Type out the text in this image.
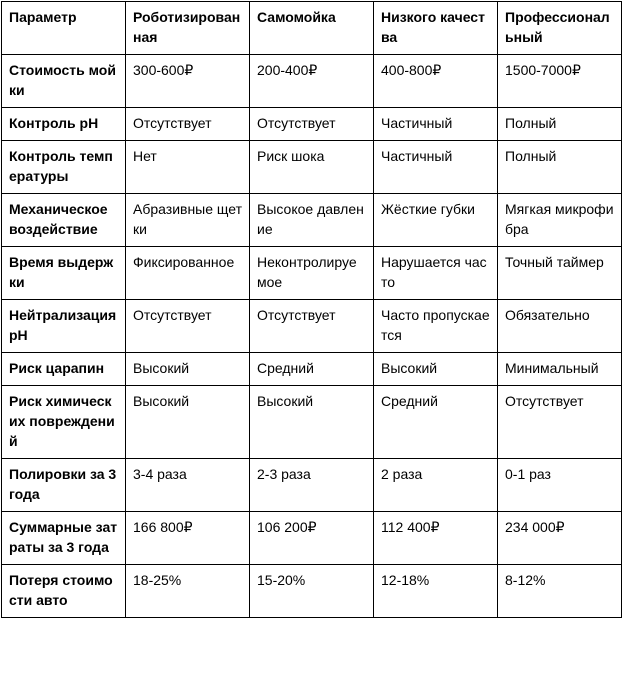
Параметр	Роботизированная	Самомойка	Низкого качества	Профессиональный
Стоимость мойки	300-600₽	200-400₽	400-800₽	1500-7000₽
Контроль pH	Отсутствует	Отсутствует	Частичный	Полный
Контроль температуры	Нет	Риск шока	Частичный	Полный
Механическое воздействие	Абразивные щетки	Высокое давление	Жёсткие губки	Мягкая микрофибра
Время выдержки	Фиксированное	Неконтролируемое	Нарушается часто	Точный таймер
Нейтрализация pH	Отсутствует	Отсутствует	Часто пропускается	Обязательно
Риск царапин	Высокий	Средний	Высокий	Минимальный
Риск химических повреждений	Высокий	Высокий	Средний	Отсутствует
Полировки за 3 года	3-4 раза	2-3 раза	2 раза	0-1 раз
Суммарные затраты за 3 года	166 800₽	106 200₽	112 400₽	234 000₽
Потеря стоимости авто	18-25%	15-20%	12-18%	8-12%
